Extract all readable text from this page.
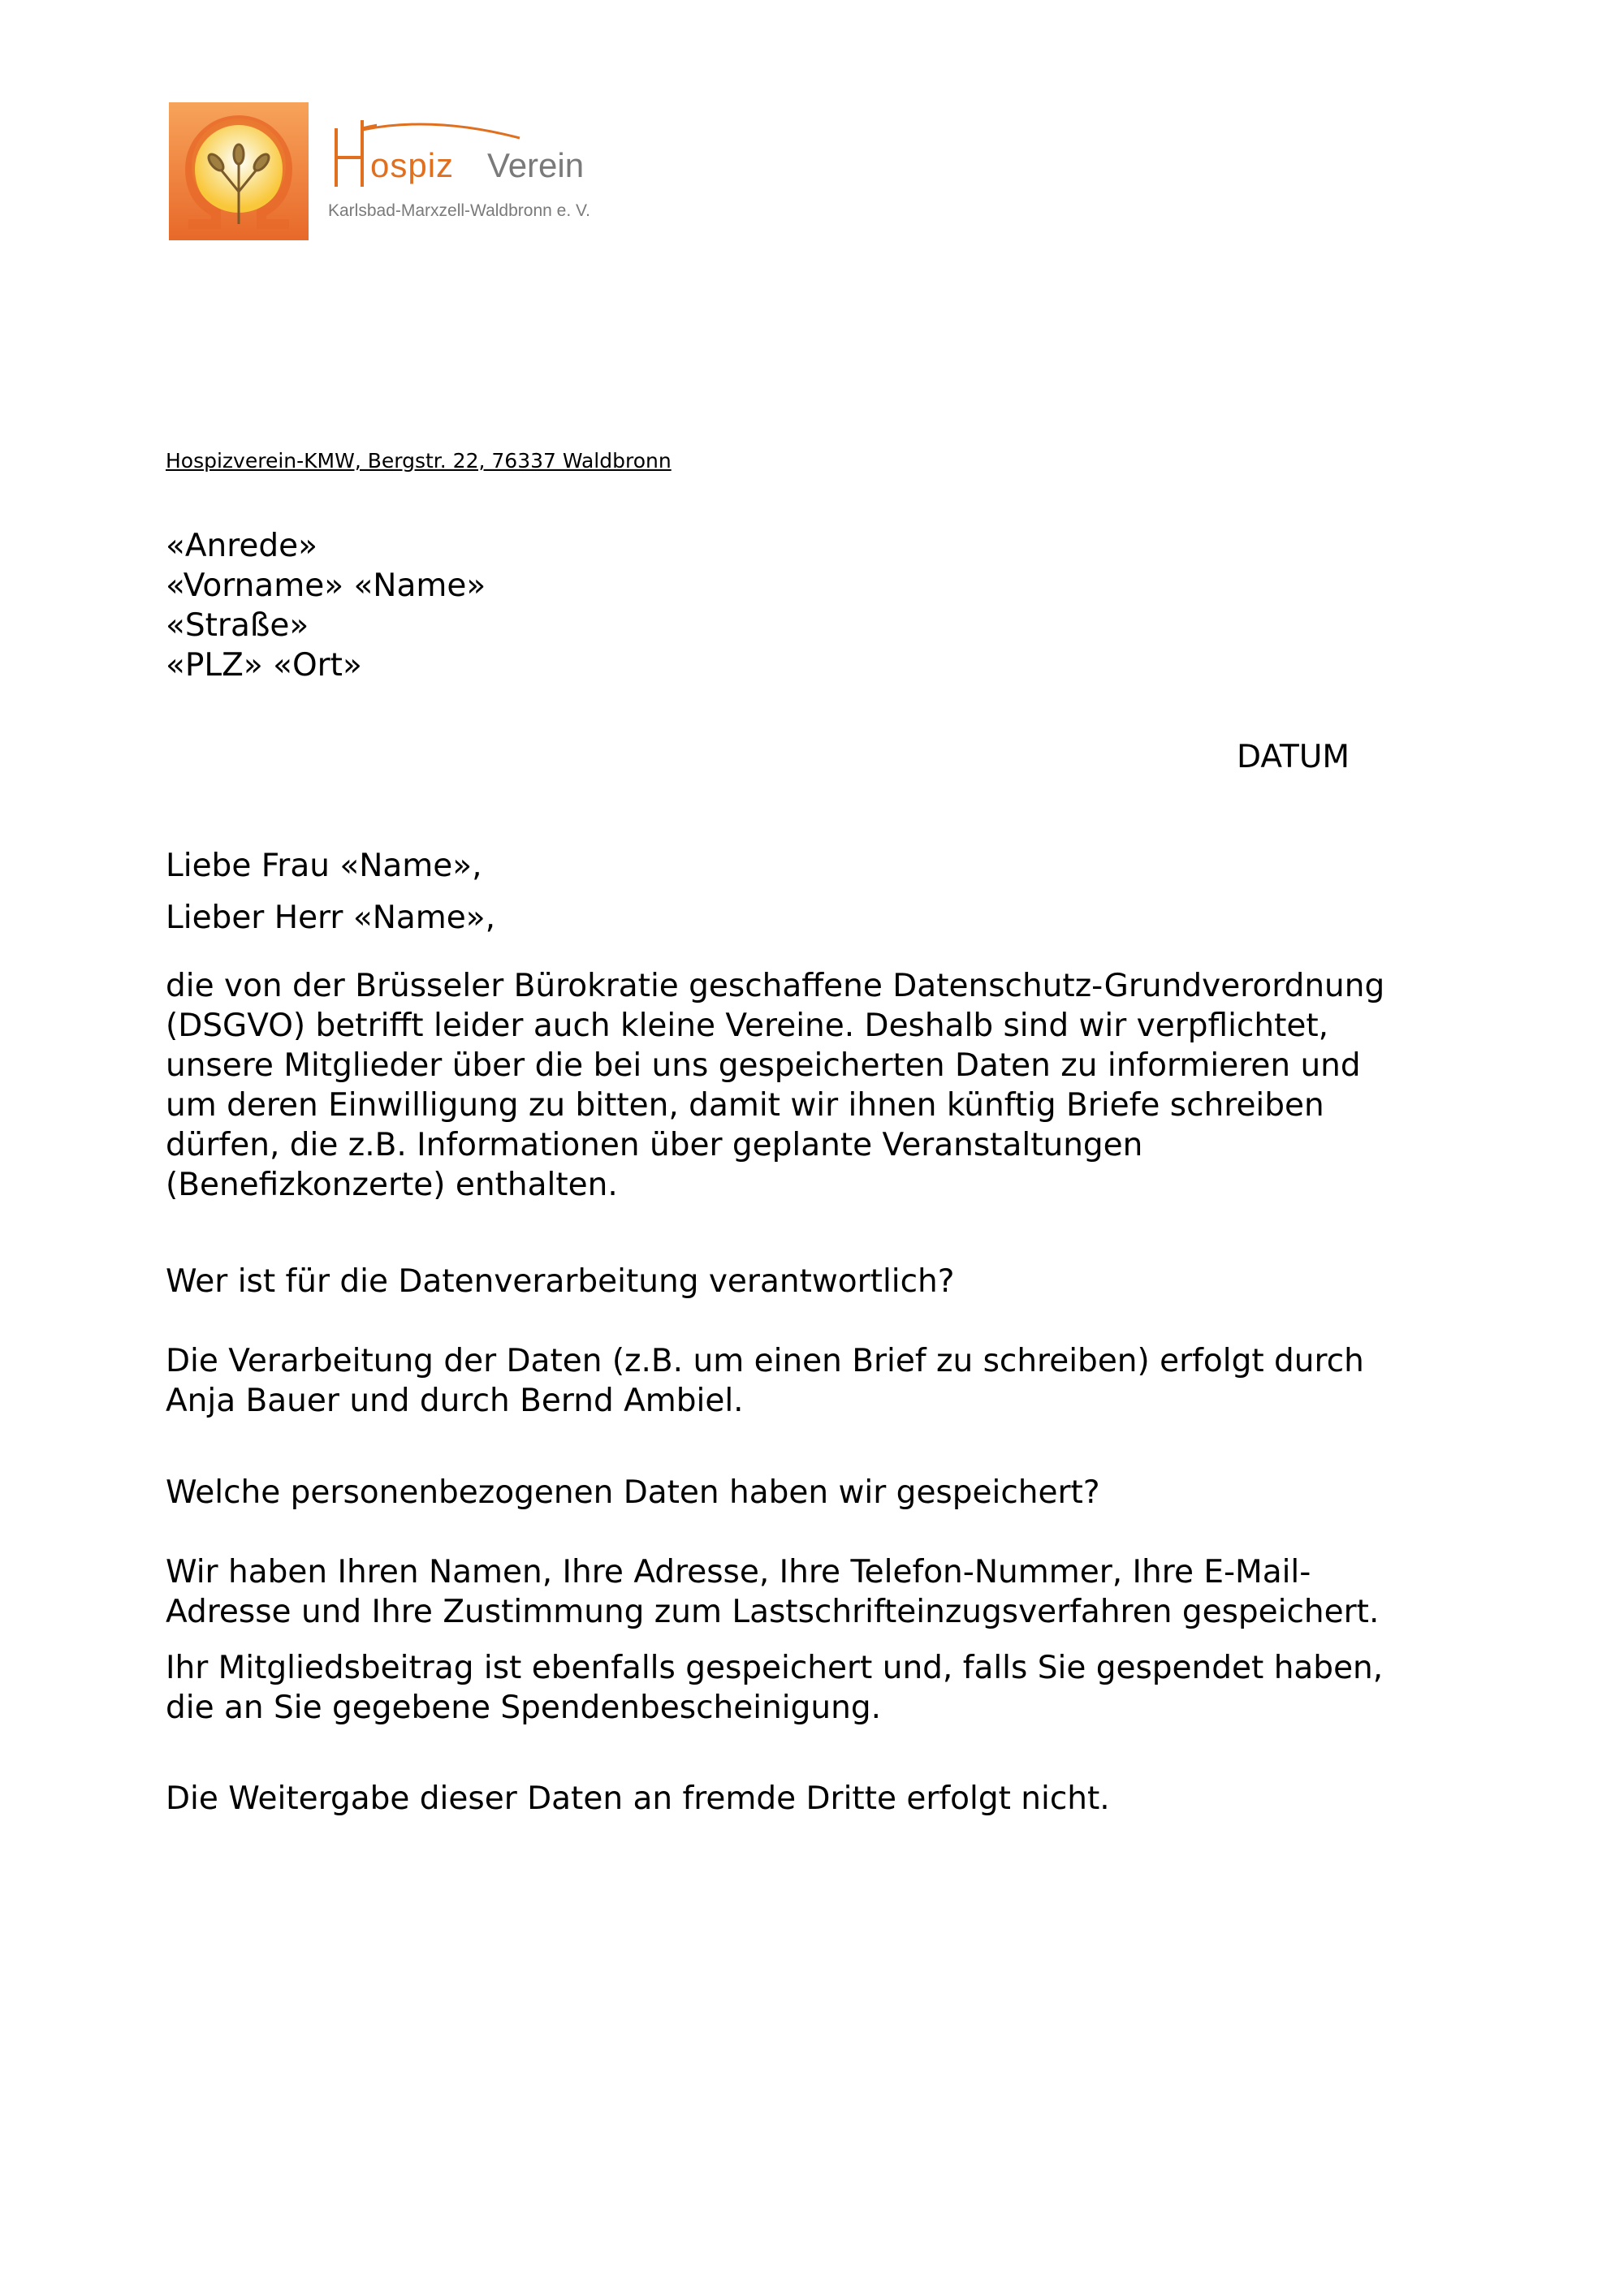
ospiz Verein
Karlsbad-Marxzell-Waldbronn e. V.
Hospizverein-KMW, Bergstr. 22, 76337 Waldbronn
«Anrede»
«Vorname» «Name»
«Straße»
«PLZ» «Ort»
DATUM
Liebe Frau «Name»,
Lieber Herr «Name»,
die von der Brüsseler Bürokratie geschaffene Datenschutz-Grundverordnung
(DSGVO) betrifft leider auch kleine Vereine. Deshalb sind wir verpflichtet,
unsere Mitglieder über die bei uns gespeicherten Daten zu informieren und
um deren Einwilligung zu bitten, damit wir ihnen künftig Briefe schreiben
dürfen, die z.B. Informationen über geplante Veranstaltungen
(Benefizkonzerte) enthalten.
Wer ist für die Datenverarbeitung verantwortlich?
Die Verarbeitung der Daten (z.B. um einen Brief zu schreiben) erfolgt durch
Anja Bauer und durch Bernd Ambiel.
Welche personenbezogenen Daten haben wir gespeichert?
Wir haben Ihren Namen, Ihre Adresse, Ihre Telefon-Nummer, Ihre E-Mail-
Adresse und Ihre Zustimmung zum Lastschrifteinzugsverfahren gespeichert.
Ihr Mitgliedsbeitrag ist ebenfalls gespeichert und, falls Sie gespendet haben,
die an Sie gegebene Spendenbescheinigung.
Die Weitergabe dieser Daten an fremde Dritte erfolgt nicht.
